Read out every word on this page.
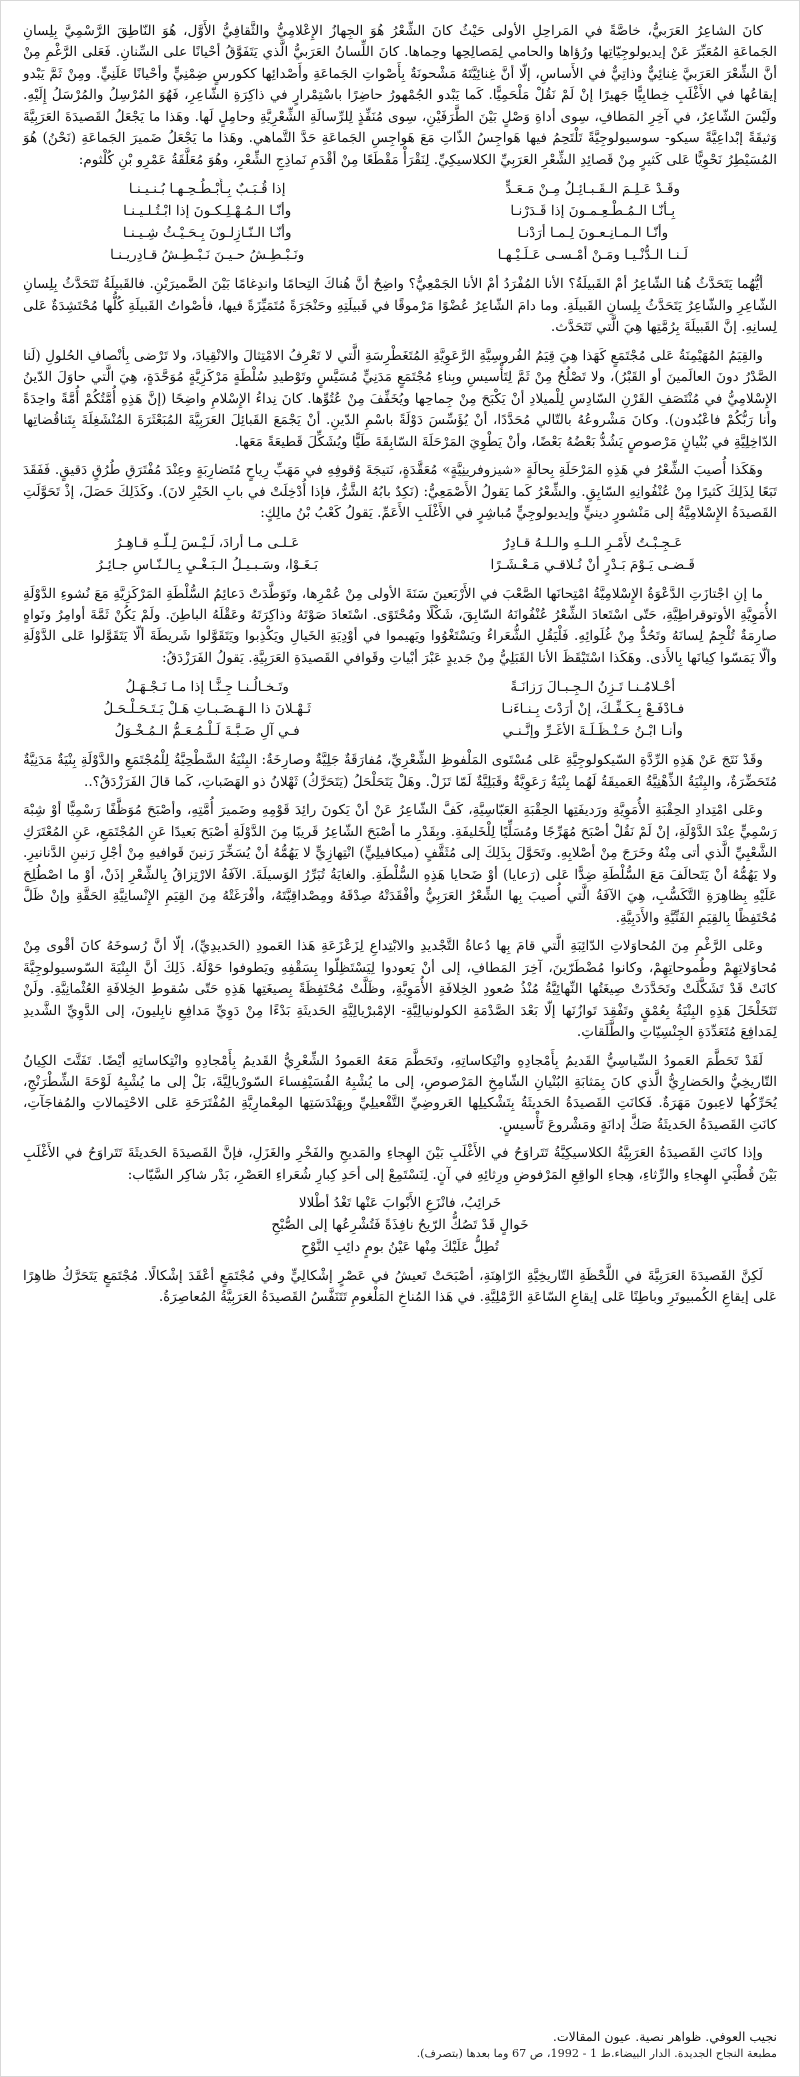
كانَ الشاعِرُ العَرَبيُّ، خاصَّةً في المَراحِلِ الأولى حَيْثُ كانَ الشِّعْرُ هُوَ الجِهازُ الإِعْلامِيُّ والثَّقافِيُّ الأَوَّل، هُوَ النّاطِقَ الرَّسْمِيَّ بِلِسانِ الجَماعَةِ المُعَبِّرَ عَنْ إيديولوجِيّاتِها ورُؤاها والحامي لِمَصالِحِها وحِماها. كانَ اللِّسانُ العَرَبيُّ الَّذي يَتَفَوَّقُ أحْيانًا على السِّنانِ. فَعَلى الرَّغْمِ مِنْ أنَّ الشِّعْرَ العَرَبيَّ غِنائِيٌّ وذاتِيٌّ في الأَساسِ، إلّا أنَّ غِنائِيَّتَهُ مَشْحونَةٌ بِأَصْواتِ الجَماعَةِ وأَصْدائِها ككورسٍ ضِمْنِيٍّ وأحْيانًا عَلَنِيٍّ. ومِنْ ثَمَّ يَبْدو إيقاعُها في الأَغْلَبِ خِطابِيًّا جَهيرًا إنْ لَمْ نَقُلْ مَلْحَمِيًّا. كَما يَبْدو الجُمْهورُ حاضِرًا باسْتِمْرارٍ في ذاكِرَةِ الشّاعِرِ، فَهُوَ المُرْسِلُ والمُرْسَلُ إِلَيْهِ. ولَيْسَ الشّاعِرُ، في آخِرِ المَطافِ، سِوى أداةِ وَصْلٍ بَيْنَ الطَّرَفَيْنِ، سِوى مُنَفِّذٍ لِلرِّسالَةِ الشِّعْرِيَّةِ وحامِلٍ لَها. وهَذا ما يَجْعَلُ القَصيدَةَ العَرَبِيَّةَ وَثيقَةً إبْداعِيَّةً سيكو- سوسيولوجِيَّةً تَلْتَحِمُ فيها هَواجِسُ الذّاتِ مَعَ هَواجِسِ الجَماعَةِ حَدَّ التَّماهي. وهَذا ما يَجْعَلُ ضَميرَ الجَماعَةِ (نَحْنُ) هُوَ المُسَيْطِرُ نَحْوِيًّا عَلى كَثيرٍ مِنْ قَصائِدِ الشِّعْرِ العَرَبِيِّ الكلاسيكِيِّ. لِنَقْرَأْ مَقْطَعًا مِنْ أقْدَمِ نَماذِجِ الشِّعْرِ، وهُوَ مُعَلَّقَةُ عَمْرِو بْنِ كُلْثوم:

وقَـدْ عَـلِـمَ الـقَـبـائِـلُ مِـنْ مَـعَـدٍّ
إذا قُـبَـبٌ بِـأَبْـطُـحِـهـا بُـنـيـنـا
بِـأنّـا الـمُـطْـعِـمـونَ إذا قَـدَرْنـا
وأنّـا الـمُـهْـلِـكـونَ إذا ابْـتُـلـيـنـا
وأنّـا الـمـانِـعـونَ لِـمـا أرَدْنـا
وأنّـا الـنّـازِلـونَ بِـحَـيْـثُ شِـيـنـا
لَـنـا الـدُّنْـيـا ومَـنْ أمْـسـى عَـلَـيْـهـا
ونَـبْـطِـشُ حـيـنَ نَـبْـطِـشُ قـادِريـنـا

أيُّهُما يَتَحَدَّثُ هُنا الشّاعِرُ أمْ القَبيلَةُ؟ الأنا المُفْرَدُ أمْ الأنا الجَمْعِيُّ؟ واضِحٌ أنَّ هُناكَ التِحامًا واندِغامًا بَيْنَ الضَّميرَيْنِ. فالقَبيلَةُ تَتَحَدَّثُ بِلِسانِ الشّاعِرِ والشّاعِرُ يَتَحَدَّثُ بِلِسانِ القَبيلَةِ. وما دامَ الشّاعِرُ عُضْوًا مَرْموقًا في قَبيلَتِهِ وحَنْجَرَةً مُتَمَيِّزَةً فيها، فأصْواتُ القَبيلَةِ كُلُّها مُحْتَشِدَةٌ عَلى لِسانِهِ. إنَّ القَبيلَةَ بِرُمَّتِها هِيَ الَّتي تَتَحَدَّث.

والقِيَمُ المُهَيْمِنَةُ عَلى مُجْتَمَعٍ كَهَذا هِيَ قِيَمُ الفُروسِيَّةِ الرَّعَوِيَّةِ المُتَغَطْرِسَةِ الَّتي لا تَعْرِفُ الامْتِثالَ والانْقِيادَ، ولا تَرْضى بِأنْصافِ الحُلولِ (لَنا الصَّدْرُ دونَ العالَمينَ أو القَبْرُ)، ولا تَصْلُحُ مِنْ ثَمَّ لِتَأْسيسِ وبِناءِ مُجْتَمَعٍ مَدَنِيٍّ مُسَيَّسٍ وتَوْطيدِ سُلْطَةٍ مَرْكَزِيَّةٍ مُوَحَّدَةٍ، هِيَ الَّتي حاوَلَ الدّينُ الإِسْلامِيُّ في مُنْتَصَفِ القَرْنِ السّادِسِ لِلْميلادِ أنْ يَكْبَحَ مِنْ جِماحِها ويُخَفِّفَ مِنْ عُتُوِّها. كانَ نِداءُ الإِسْلامِ واضِحًا (إنَّ هَذِهِ أُمَّتُكُمْ أُمَّةً واحِدَةً وأنا رَبُّكُمْ فاعْبُدون). وكانَ مَشْروعُهُ بالتّالي مُحَدَّدًا، أنْ يُؤَسِّسَ دَوْلَةً باسْمِ الدّينِ. أنْ يَجْمَعَ القَبائِلَ العَرَبِيَّةَ المُبَعْثَرَةَ المُنْشَغِلَةَ بِتَناقُضاتِها الدّاخِلِيَّةِ في بُنْيانٍ مَرْصوصٍ يَشُدُّ بَعْضُهُ بَعْضًا، وأنْ يَطْوِيَ المَرْحَلَةَ السّابِقَةَ طَيًّا ويُشَكِّلَ قَطيعَةً مَعَها.

وهَكَذا أُصيبَ الشِّعْرُ في هَذِهِ المَرْحَلَةِ بِحالَةٍ «شيزوفرينِيَّةٍ» مُعَقَّدَةٍ، نَتيجَةَ وُقوفِهِ في مَهَبِّ رِياحٍ مُتَضارِبَةٍ وعِنْدَ مُفْتَرَقِ طُرُقٍ دَقيقٍ. فَفَقَدَ تَبَعًا لِذَلِكَ كَثيرًا مِنْ عُنْفُوانِهِ السّابِقِ. والشِّعْرُ كَما يَقولُ الأَصْمَعِيُّ: (نَكِدٌ بابُهُ الشَّرُّ، فإذا أُدْخِلَتْ في بابِ الخَيْرِ لانَ). وكَذَلِكَ حَصَلَ، إذْ تَحَوَّلَتِ القَصيدَةُ الإِسْلامِيَّةُ إلى مَنْشورٍ دينيٍّ وإيديولوجِيٍّ مُباشِرٍ في الأَغْلَبِ الأَعَمِّ. يَقولُ كَعْبُ بْنُ مالِكٍ:

عَـجِـبْـتُ لأَمْـرِ الـلـهِ والـلـهُ قـادِرٌ
عَـلـى مـا أرادَ، لَـيْـسَ لِـلّـهِ قـاهِـرُ
قَـضـى يَـوْمَ بَـدْرٍ أنْ نُـلاقـي مَـعْـشَـرًا
بَـغَـوْا، وسَـبـيـلُ الـبَـغْـيِ بِـالـنّـاسِ جـائِـرُ

ما إنِ اجْتازَتِ الدَّعْوَةُ الإِسْلامِيَّةُ امْتِحانَها الصَّعْبَ في الأَرْبَعينَ سَنَةَ الأولى مِنْ عُمْرِها، وتَوَطَّدَتْ دَعائِمُ السُّلْطَةِ المَرْكَزِيَّةِ مَعَ نُشوءِ الدَّوْلَةِ الأُمَوِيَّةِ الأوتوقراطِيَّةِ، حَتّى اسْتَعادَ الشِّعْرُ عُنْفُوانَهُ السّابِقَ، شَكْلًا ومُحْتَوًى. اسْتَعادَ صَوْتَهُ وذاكِرَتَهُ وعَقْلَهُ الباطِنَ. ولَمْ يَكُنْ ثَمَّةَ أوامِرُ ونَواهٍ صارِمَةٌ تُلْجِمُ لِسانَهُ وتَحُدُّ مِنْ غُلَوائِهِ. فَلْيَقُلِ الشُّعَراءُ ويَسْتَغْوُوا ويَهيموا في أوْدِيَةِ الخَيالِ ويَكْذِبوا ويَتَقَوَّلوا شَريطَةَ ألّا يَتَقَوَّلوا عَلى الدَّوْلَةِ وألّا يَمَسّوا كِيانَها بِالأَذى. وهَكَذا اسْتَيْقَظَ الأنا القَبَلِيُّ مِنْ جَديدٍ عَبْرَ أبْياتِ وقَوافي القَصيدَةِ العَرَبِيَّةِ. يَقولُ الفَرَزْدَقُ:

أحْـلامُـنـا تَـزِنُ الـجِـبـالَ رَزانَـةً
وتَـخـالُـنـا جِـنًّـا إذا مـا نَـجْـهَـلُ
فـادْفَـعْ بِـكَـفِّـكَ، إنْ أرَدْتَ بِـنـاءَنـا
ثَـهْـلانَ ذا الـهَـضَـبـاتِ هَـلْ يَـتَـحَـلْـحَـلُ
وأنـا ابْـنُ حَـنْـظَـلَـةَ الأغَـرِّ وإنَّـنـي
فـي آلِ ضَـبَّـةَ لَـلْـمُـعَـمُّ الـمُـخْـوَلُ

وقَدْ نَتَجَ عَنْ هَذِهِ الرِّدَّةِ السّيكولوجِيَّةِ عَلى مُسْتَوى المَلْفوظِ الشِّعْرِيِّ، مُفارَقَةٌ جَلِيَّةٌ وصارِخَةٌ: البِنْيَةُ السَّطْحِيَّةُ لِلْمُجْتَمَعِ والدَّوْلَةِ بِنْيَةٌ مَدَنِيَّةٌ مُتَحَضِّرَةٌ، والبِنْيَةُ الذِّهْنِيَّةُ العَميقَةُ لَهُما بِنْيَةٌ رَعَوِيَّةٌ وقَبَلِيَّةٌ لَمّا تَزَلْ. وهَلْ يَتَحَلْحَلُ (يَتَحَرَّكُ) ثَهْلانُ ذو الهَضَباتِ، كَما قالَ الفَرَزْدَقُ؟..

وعَلى امْتِدادِ الحِقْبَةِ الأُمَوِيَّةِ ورَديفَتِها الحِقْبَةِ العَبّاسِيَّةِ، كَفَّ الشّاعِرُ عَنْ أنْ يَكونَ رائِدَ قَوْمِهِ وضَميرَ أُمَّتِهِ، وأصْبَحَ مُوَظَّفًا رَسْمِيًّا أوْ شِبْهَ رَسْمِيٍّ عِنْدَ الدَّوْلَةِ، إنْ لَمْ نَقُلْ أصْبَحَ مُهَرِّجًا ومُسَلِّيًا لِلْخَليفَةِ. وبِقَدْرِ ما أصْبَحَ الشّاعِرُ قَريبًا مِنَ الدَّوْلَةِ أصْبَحَ بَعيدًا عَنِ المُجْتَمَعِ، عَنِ المُعْتَرَكِ الشَّعْبِيِّ الَّذي أتى مِنْهُ وخَرَجَ مِنْ أصْلابِهِ. وتَحَوَّلَ بِذَلِكَ إلى مُثَقَّفٍ (ميكافيلِيٍّ) انْتِهازِيٍّ لا يَهُمُّهُ أنْ يُسَخِّرَ رَنينَ قَوافيهِ مِنْ أجْلِ رَنينِ الدَّنانيرِ. ولا يَهُمُّهُ أنْ يَتَحالَفَ مَعَ السُّلْطَةِ ضِدًّا عَلى (رَعايا) أوْ ضَحايا هَذِهِ السُّلْطَةِ. والغايَةُ تُبَرِّرُ الوَسيلَةَ. الآفَةُ الارْتِزاقُ بِالشِّعْرِ إذَنْ، أوْ ما اصْطُلِحَ عَلَيْهِ بِظاهِرَةِ التَّكَسُّبِ، هِيَ الآفَةُ الَّتي أُصيبَ بِها الشِّعْرُ العَرَبِيُّ وأفْقَدَتْهُ صِدْقَهُ ومِصْداقِيَّتَهُ، وأفْرَغَتْهُ مِنَ القِيَمِ الإِنْسانِيَّةِ الحَقَّةِ وإنْ ظَلَّ مُحْتَفِظًا بِالقِيَمِ الفَنِّيَّةِ والأَدَبِيَّةِ.

وعَلى الرَّغْمِ مِنَ المُحاوَلاتِ الدّائِبَةِ الَّتي قامَ بِها دُعاةُ التَّجْديدِ والابْتِداعِ لِزَعْزَعَةِ هَذا العَمودِ (الحَديدِيِّ)، إلّا أنَّ رُسوخَهُ كانَ أقْوى مِنْ مُحاوَلاتِهِمْ وطُموحاتِهِمْ، وكانوا مُضْطَرّينَ، آخِرَ المَطافِ، إلى أنْ يَعودوا لِيَسْتَظِلّوا بِسَقْفِهِ ويَطوفوا حَوْلَهُ. ذَلِكَ أنَّ البِنْيَةَ السّوسيولوجِيَّةَ كانَتْ قَدْ تَشَكَّلَتْ وتَحَدَّدَتْ صِيغَتُها النِّهائِيَّةُ مُنْذُ صُعودِ الخِلافَةِ الأُمَوِيَّةِ، وظَلَّتْ مُحْتَفِظَةً بِصيغَتِها هَذِهِ حَتّى سُقوطِ الخِلافَةِ العُثْمانِيَّةِ. ولَنْ تَتَخَلْخَلَ هَذِهِ البِنْيَةُ بِعُمْقٍ وتَفْقِدَ تَوازُنَها إلّا بَعْدَ الصَّدْمَةِ الكولونيالِيَّةِ- الإمْبرْيالِيَّةِ الحَديثَةِ بَدْءًا مِنْ دَوِيِّ مَدافِعِ نابِليونَ، إلى الدَّوِيِّ الشَّديدِ لِمَدافِعَ مُتَعَدِّدَةِ الجِنْسِيّاتِ والطَّلَقاتِ.

لَقَدْ تَحَطَّمَ العَمودُ السِّياسِيُّ القَديمُ بِأَمْجادِهِ وانْتِكاساتِهِ، وتَحَطَّمَ مَعَهُ العَمودُ الشِّعْرِيُّ القَديمُ بِأَمْجادِهِ وانْتِكاساتِهِ أيْضًا. تَفَتَّتَ الكِيانُ التّاريخِيُّ والحَضارِيُّ الَّذي كانَ بِمَثابَةِ البُنْيانِ الشّامِخِ المَرْصوصِ، إلى ما يُشْبِهُ الفُسَيْفِساءَ السّورْيالِيَّةَ، بَلْ إلى ما يُشْبِهُ لَوْحَةَ الشِّطْرَنْجِ، يُحَرِّكُها لاعِبونَ مَهَرَةٌ. فَكانَتِ القَصيدَةُ الحَديثَةُ بِتَشْكيلِها العَروضِيِّ التَّفْعيلِيِّ وبِهَنْدَسَتِها المِعْمارِيَّةِ المُفْتَرَحَةِ عَلى الاحْتِمالاتِ والمُفاجَآتِ، كانَتِ القَصيدَةُ الحَديثَةُ صَكَّ إدانَةٍ ومَشْروعَ تَأْسيسٍ.

وإذا كانَتِ القَصيدَةُ العَرَبِيَّةُ الكلاسيكِيَّةُ تَتَراوَحُ في الأَغْلَبِ بَيْنَ الهِجاءِ والمَديحِ والفَخْرِ والغَزَلِ، فإنَّ القَصيدَةَ الحَديثَةَ تَتَراوَحُ في الأَغْلَبِ بَيْنَ قُطْبَيِ الهِجاءِ والرِّثاءِ، هِجاءِ الواقِعِ المَرْفوضِ ورِثائِهِ في آنٍ. لِنَسْتَمِعْ إلى أحَدِ كِبارِ شُعَراءِ العَصْرِ، بَدْر شاكِر السَّيّاب:

خَرائِبُ، فانْزَعِ الأَبْوابَ عَنْها تَغْدُ أطْلالا
خَوالٍ قَدْ تَصُكُّ الرّيحُ نافِذَةً فَتُشْرِعُها إلى الصُّبْحِ
تُطِلُّ عَلَيْكَ مِنْها عَيْنُ بومٍ دائِبِ النَّوْحِ

لَكِنَّ القَصيدَةَ العَرَبِيَّةَ في اللَّحْظَةِ التّاريخِيَّةِ الرّاهِنَةِ، أصْبَحَتْ تَعيشُ في عَصْرٍ إشْكالِيٍّ وفي مُجْتَمَعٍ أعْقَدَ إشْكالًا. مُجْتَمَعٍ يَتَحَرَّكُ ظاهِرًا عَلى إيقاعِ الكُمبيوتَرِ وباطِنًا عَلى إيقاعِ السّاعَةِ الرَّمْلِيَّةِ. في هَذا المُناخِ المَلْغومِ تَتَنَفَّسُ القَصيدَةُ العَرَبِيَّةُ المُعاصِرَةُ.

نجيب العوفي. ظواهر نصية. عيون المقالات.
مطبعة النجاح الجديدة. الدار البيضاء.ط 1 - 1992، ص 67 وما بعدها (بتصرف).
